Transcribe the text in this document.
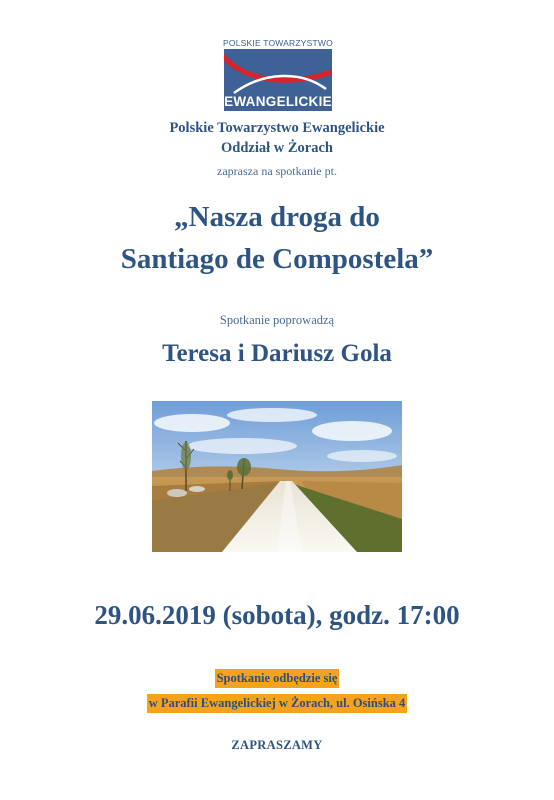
POLSKIE TOWARZYSTWO
EWANGELICKIE
Polskie Towarzystwo Ewangelickie
Oddział w Żorach
zaprasza na spotkanie pt.
„Nasza droga do
Santiago de Compostela”
Spotkanie poprowadzą
Teresa i Dariusz Gola
29.06.2019 (sobota), godz. 17:00
Spotkanie odbędzie się
w Parafii Ewangelickiej w Żorach, ul. Osińska 4
ZAPRASZAMY
